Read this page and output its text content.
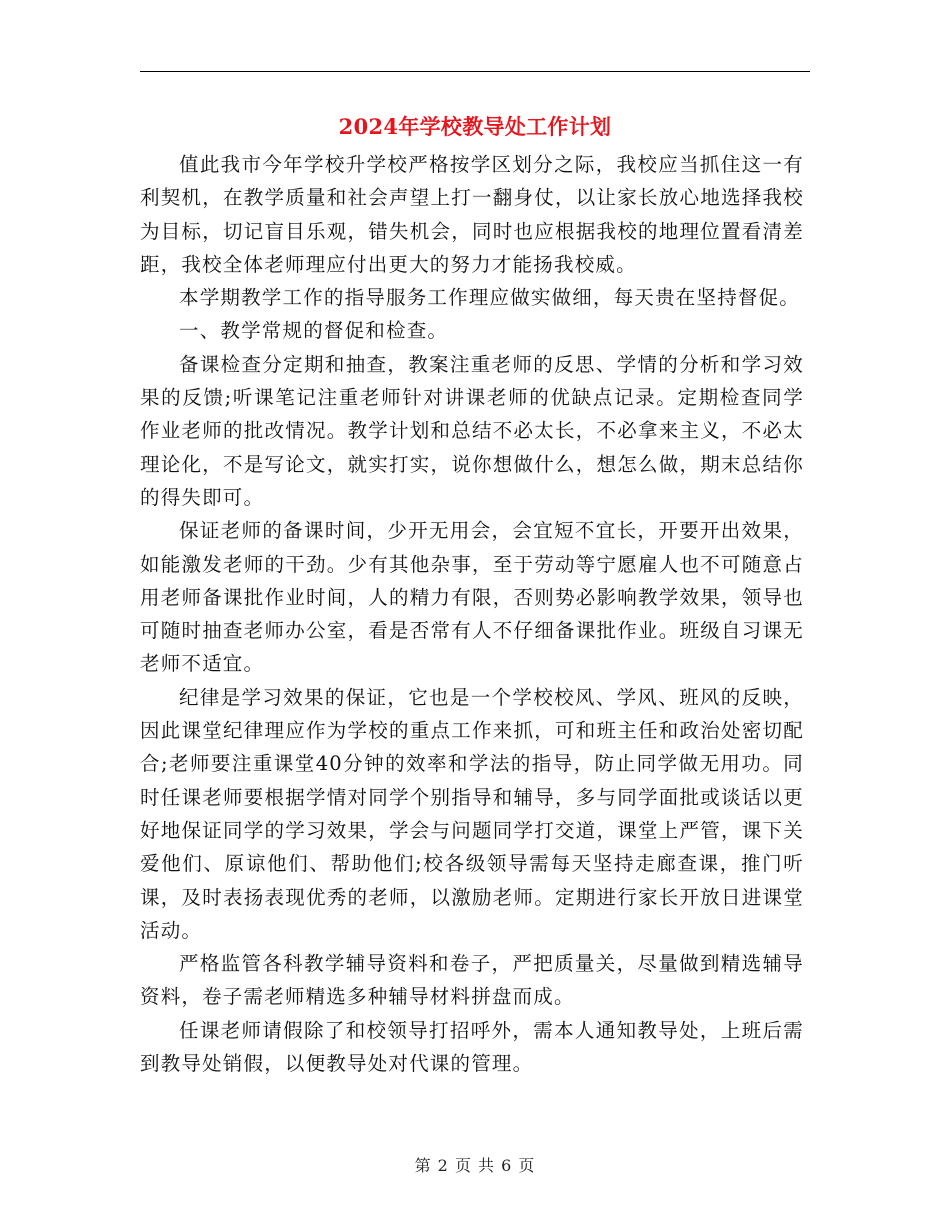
2024年学校教导处工作计划

值此我市今年学校升学校严格按学区划分之际，我校应当抓住这一有利契机，在教学质量和社会声望上打一翻身仗，以让家长放心地选择我校为目标，切记盲目乐观，错失机会，同时也应根据我校的地理位置看清差距，我校全体老师理应付出更大的努力才能扬我校威。

本学期教学工作的指导服务工作理应做实做细，每天贵在坚持督促。

一、教学常规的督促和检查。

备课检查分定期和抽查，教案注重老师的反思、学情的分析和学习效果的反馈;听课笔记注重老师针对讲课老师的优缺点记录。定期检查同学作业老师的批改情况。教学计划和总结不必太长，不必拿来主义，不必太理论化，不是写论文，就实打实，说你想做什么，想怎么做，期末总结你的得失即可。

保证老师的备课时间，少开无用会，会宜短不宜长，开要开出效果，如能激发老师的干劲。少有其他杂事，至于劳动等宁愿雇人也不可随意占用老师备课批作业时间，人的精力有限，否则势必影响教学效果，领导也可随时抽查老师办公室，看是否常有人不仔细备课批作业。班级自习课无老师不适宜。

纪律是学习效果的保证，它也是一个学校校风、学风、班风的反映，因此课堂纪律理应作为学校的重点工作来抓，可和班主任和政治处密切配合;老师要注重课堂40分钟的效率和学法的指导，防止同学做无用功。同时任课老师要根据学情对同学个别指导和辅导，多与同学面批或谈话以更好地保证同学的学习效果，学会与问题同学打交道，课堂上严管，课下关爱他们、原谅他们、帮助他们;校各级领导需每天坚持走廊查课，推门听课，及时表扬表现优秀的老师，以激励老师。定期进行家长开放日进课堂活动。

严格监管各科教学辅导资料和卷子，严把质量关，尽量做到精选辅导资料，卷子需老师精选多种辅导材料拼盘而成。

任课老师请假除了和校领导打招呼外，需本人通知教导处，上班后需到教导处销假，以便教导处对代课的管理。

第 2 页 共 6 页
